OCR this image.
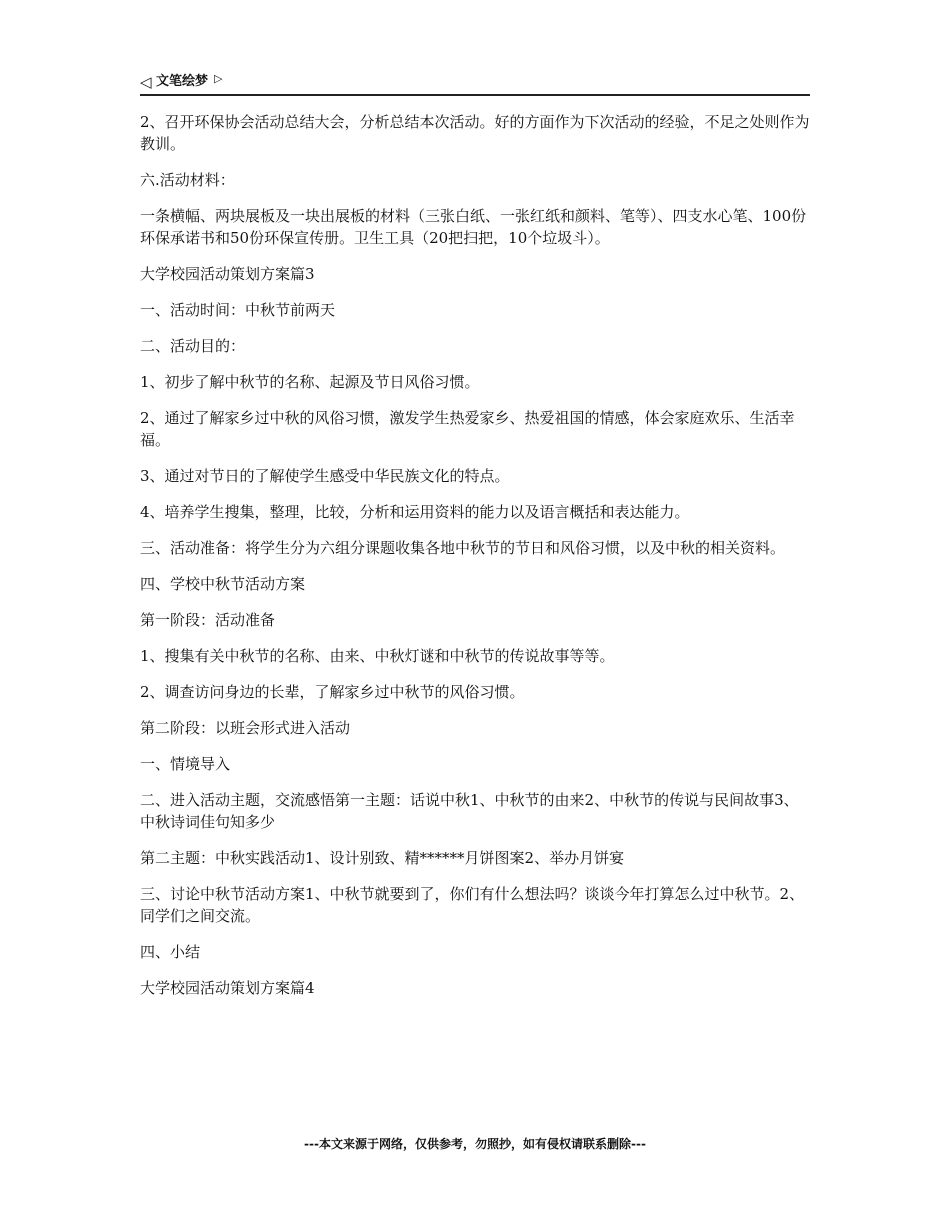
◁ 文笔绘梦 ▷

2、召开环保协会活动总结大会，分析总结本次活动。好的方面作为下次活动的经验，不足之处则作为教训。

六.活动材料：

一条横幅、两块展板及一块出展板的材料（三张白纸、一张红纸和颜料、笔等）、四支水心笔、100份环保承诺书和50份环保宣传册。卫生工具（20把扫把，10个垃圾斗）。

大学校园活动策划方案篇3

一、活动时间：中秋节前两天

二、活动目的：

1、初步了解中秋节的名称、起源及节日风俗习惯。

2、通过了解家乡过中秋的风俗习惯，激发学生热爱家乡、热爱祖国的情感，体会家庭欢乐、生活幸福。

3、通过对节日的了解使学生感受中华民族文化的特点。

4、培养学生搜集，整理，比较，分析和运用资料的能力以及语言概括和表达能力。

三、活动准备：将学生分为六组分课题收集各地中秋节的节日和风俗习惯，以及中秋的相关资料。

四、学校中秋节活动方案

第一阶段：活动准备

1、搜集有关中秋节的名称、由来、中秋灯谜和中秋节的传说故事等等。

2、调查访问身边的长辈，了解家乡过中秋节的风俗习惯。

第二阶段：以班会形式进入活动

一、情境导入

二、进入活动主题，交流感悟第一主题：话说中秋1、中秋节的由来2、中秋节的传说与民间故事3、中秋诗词佳句知多少

第二主题：中秋实践活动1、设计别致、精******月饼图案2、举办月饼宴

三、讨论中秋节活动方案1、中秋节就要到了，你们有什么想法吗？谈谈今年打算怎么过中秋节。2、同学们之间交流。

四、小结

大学校园活动策划方案篇4

---本文来源于网络，仅供参考，勿照抄，如有侵权请联系删除---
